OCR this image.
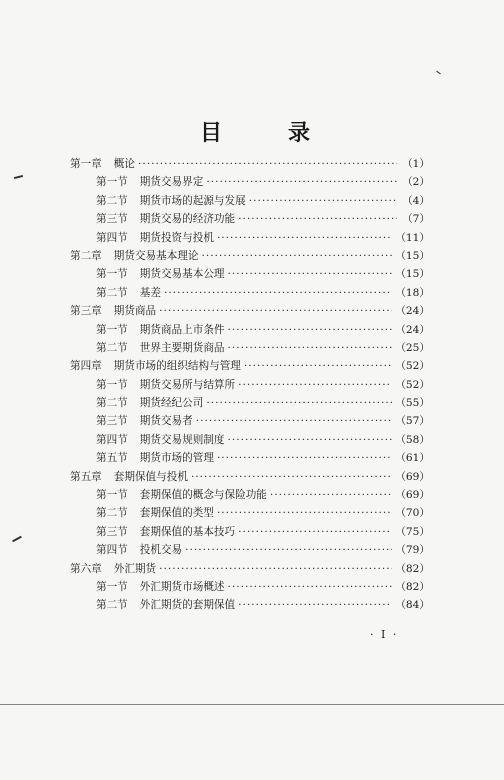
目	录
第一章 概论 ·····	（1）
第一节 期货交易界定 ·····	（2）
第二节 期货市场的起源与发展 ·····	（4）
第三节 期货交易的经济功能 ·····	（7）
第四节 期货投资与投机 ·····	（11）
第二章 期货交易基本理论 ·····	（15）
第一节 期货交易基本公理 ·····	（15）
第二节 基差 ·····	（18）
第三章 期货商品 ·····	（24）
第一节 期货商品上市条件 ·····	（24）
第二节 世界主要期货商品 ·····	（25）
第四章 期货市场的组织结构与管理 ·····	（52）
第一节 期货交易所与结算所 ·····	（52）
第二节 期货经纪公司 ·····	（55）
第三节 期货交易者 ·····	（57）
第四节 期货交易规则制度 ·····	（58）
第五节 期货市场的管理 ·····	（61）
第五章 套期保值与投机 ·····	（69）
第一节 套期保值的概念与保险功能 ·····	（69）
第二节 套期保值的类型 ·····	（70）
第三节 套期保值的基本技巧 ·····	（75）
第四节 投机交易 ·····	（79）
第六章 外汇期货 ·····	（82）
第一节 外汇期货市场概述 ·····	（82）
第二节 外汇期货的套期保值 ·····	（84）
· I ·
